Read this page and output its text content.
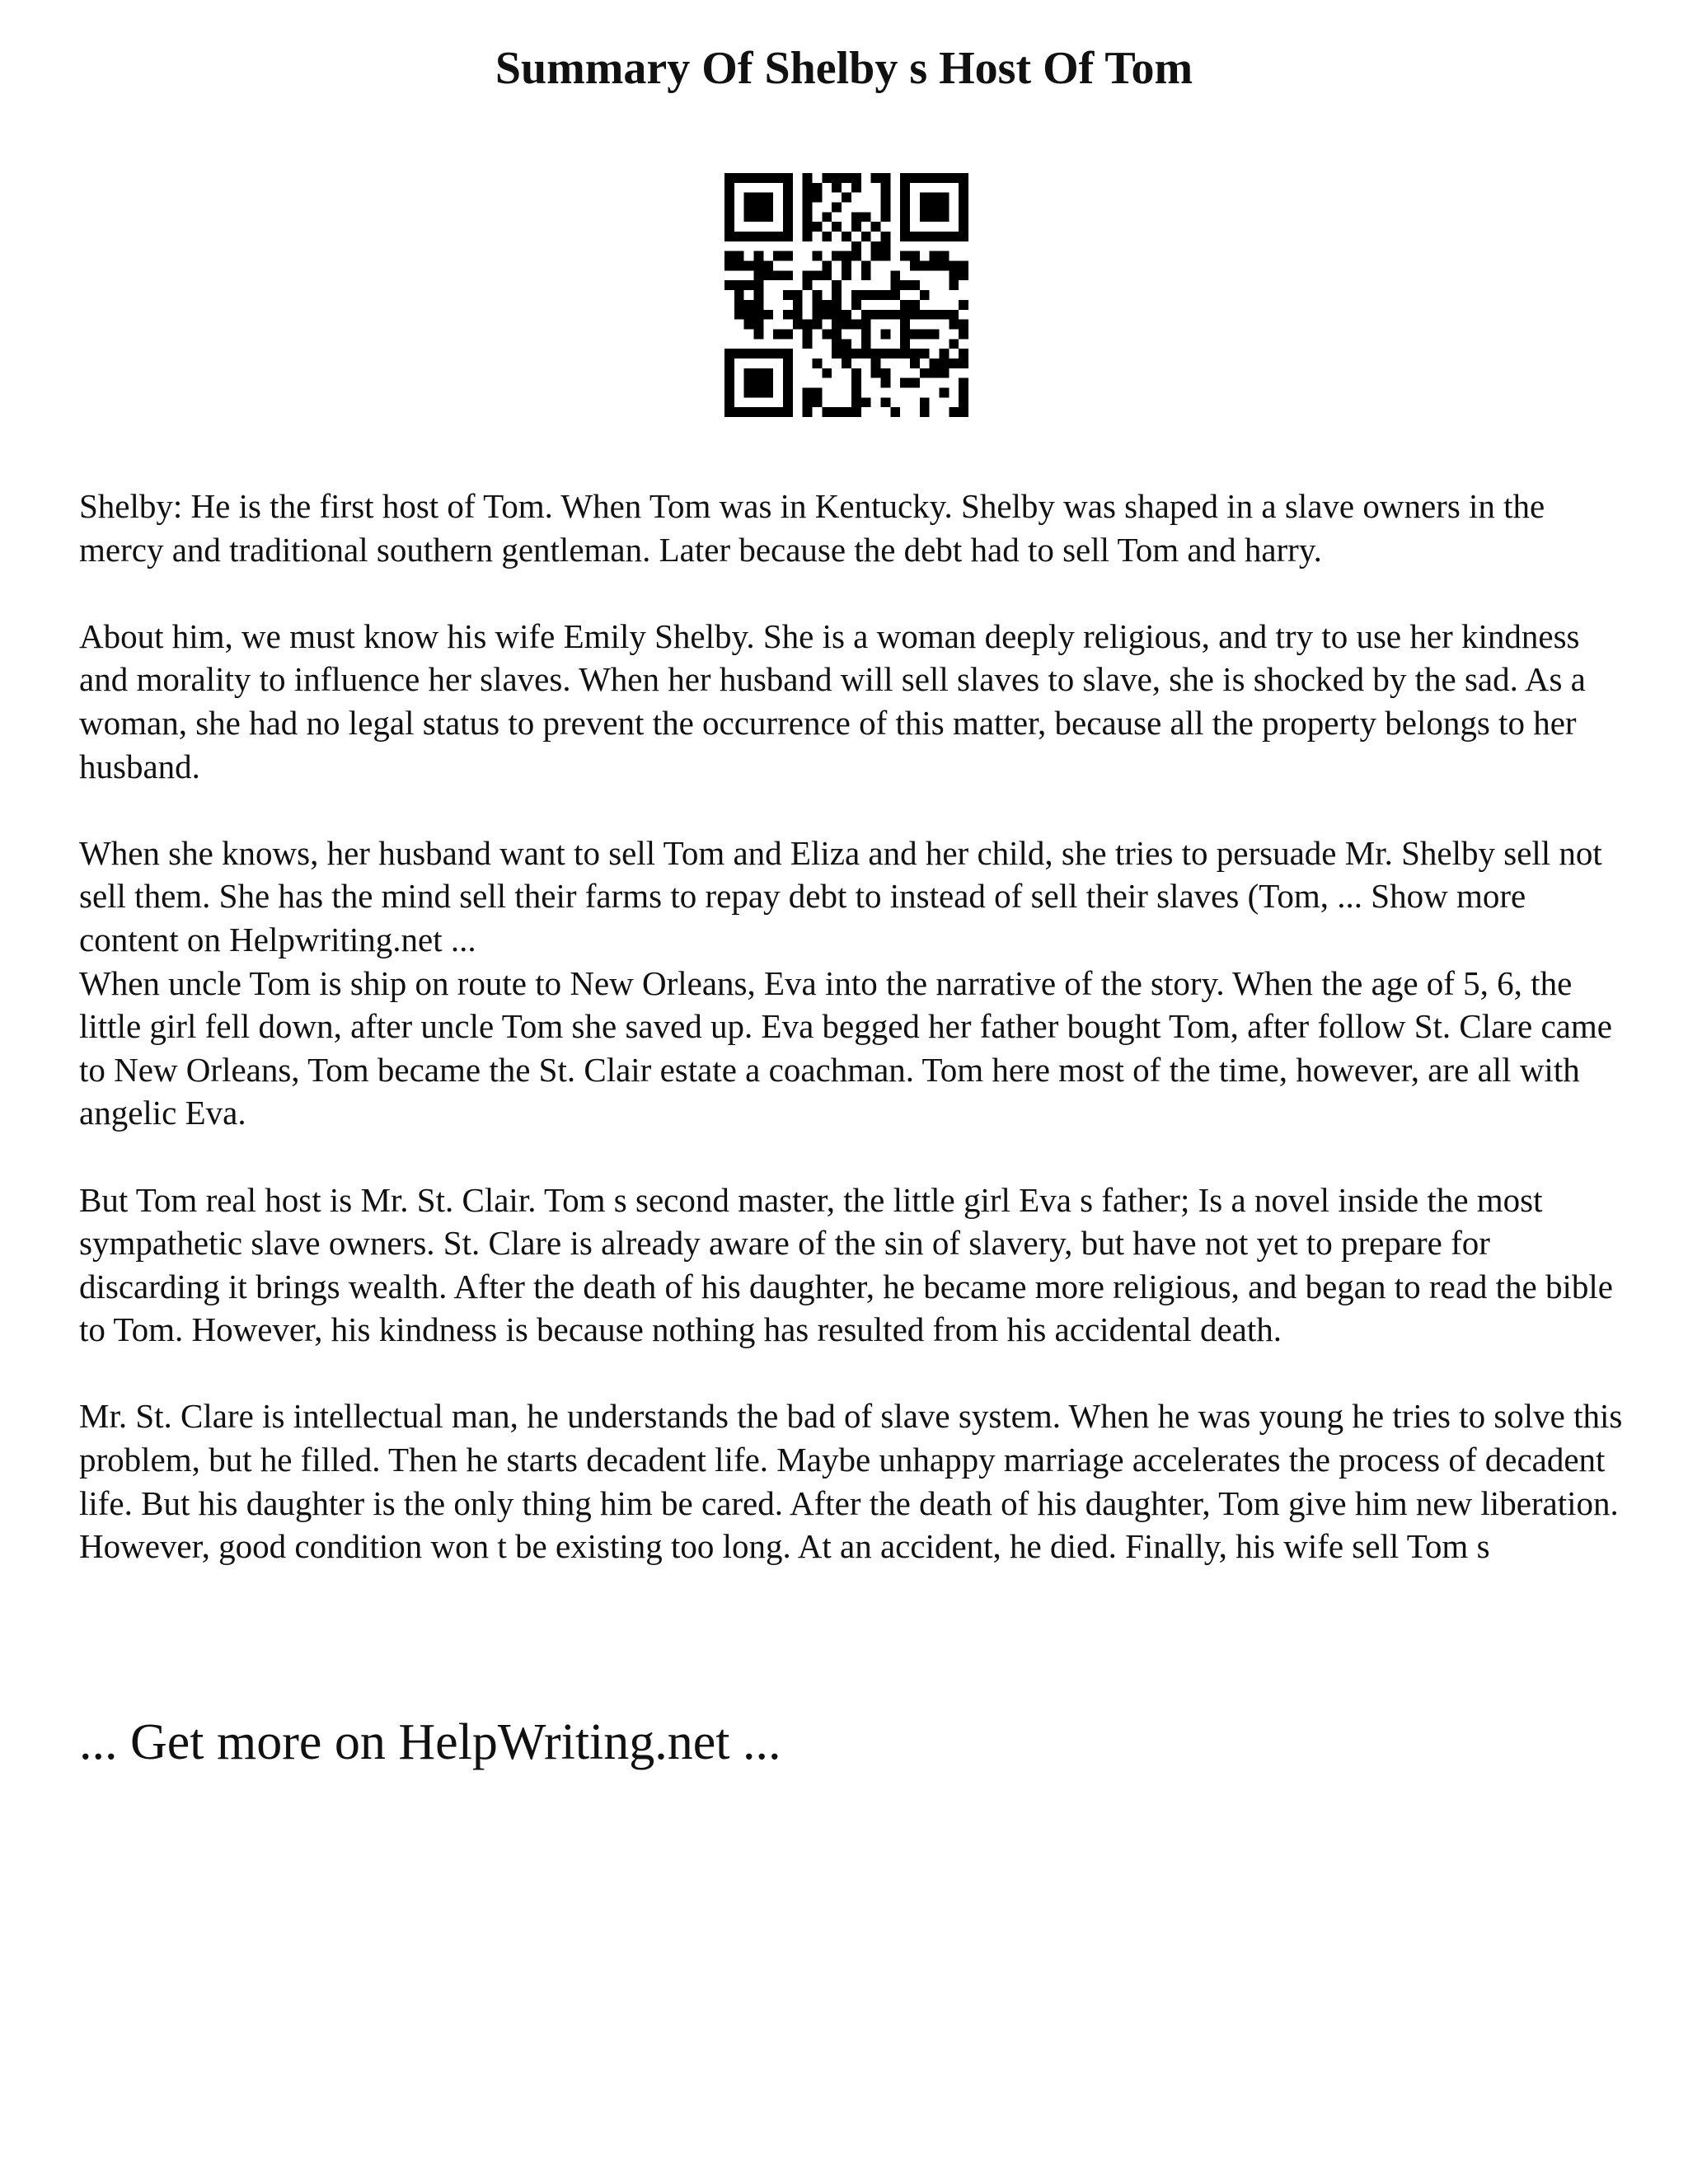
Summary Of Shelby s Host Of Tom

Shelby: He is the first host of Tom. When Tom was in Kentucky. Shelby was shaped in a slave owners in the mercy and traditional southern gentleman. Later because the debt had to sell Tom and harry.

About him, we must know his wife Emily Shelby. She is a woman deeply religious, and try to use her kindness and morality to influence her slaves. When her husband will sell slaves to slave, she is shocked by the sad. As a woman, she had no legal status to prevent the occurrence of this matter, because all the property belongs to her husband.

When she knows, her husband want to sell Tom and Eliza and her child, she tries to persuade Mr. Shelby sell not sell them. She has the mind sell their farms to repay debt to instead of sell their slaves (Tom, ... Show more content on Helpwriting.net ...

When uncle Tom is ship on route to New Orleans, Eva into the narrative of the story. When the age of 5, 6, the little girl fell down, after uncle Tom she saved up. Eva begged her father bought Tom, after follow St. Clare came to New Orleans, Tom became the St. Clair estate a coachman. Tom here most of the time, however, are all with angelic Eva.

But Tom real host is Mr. St. Clair. Tom s second master, the little girl Eva s father; Is a novel inside the most sympathetic slave owners. St. Clare is already aware of the sin of slavery, but have not yet to prepare for discarding it brings wealth. After the death of his daughter, he became more religious, and began to read the bible to Tom. However, his kindness is because nothing has resulted from his accidental death.

Mr. St. Clare is intellectual man, he understands the bad of slave system. When he was young he tries to solve this problem, but he filled. Then he starts decadent life. Maybe unhappy marriage accelerates the process of decadent life. But his daughter is the only thing him be cared. After the death of his daughter, Tom give him new liberation. However, good condition won t be existing too long. At an accident, he died. Finally, his wife sell Tom s

... Get more on HelpWriting.net ...
